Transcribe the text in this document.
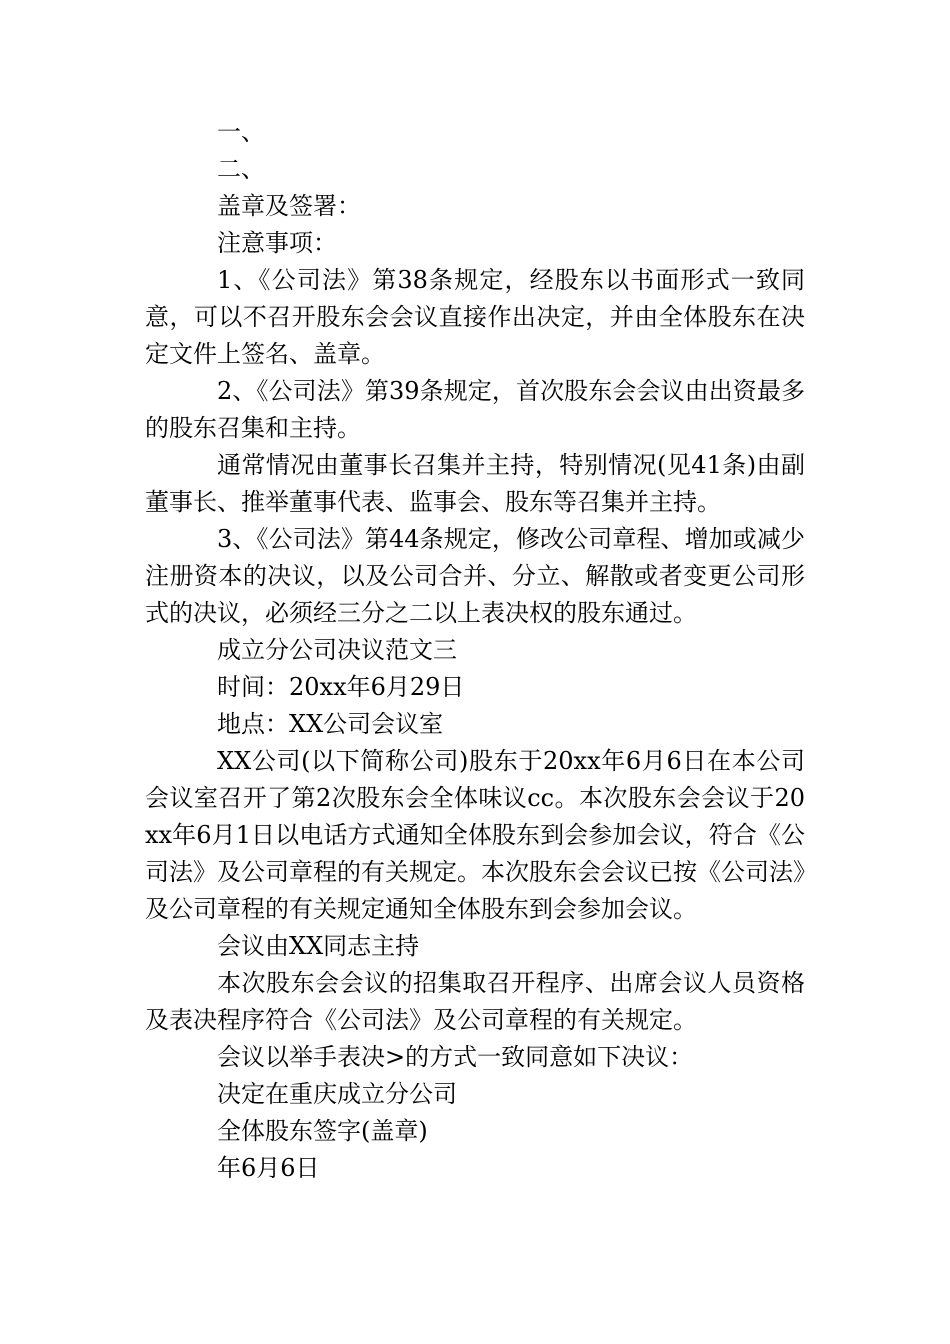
一、

二、

盖章及签署：

注意事项：

1、《公司法》第38条规定，经股东以书面形式一致同意，可以不召开股东会会议直接作出决定，并由全体股东在决定文件上签名、盖章。

2、《公司法》第39条规定，首次股东会会议由出资最多的股东召集和主持。

通常情况由董事长召集并主持，特别情况(见41条)由副董事长、推举董事代表、监事会、股东等召集并主持。

3、《公司法》第44条规定，修改公司章程、增加或减少注册资本的决议，以及公司合并、分立、解散或者变更公司形式的决议，必须经三分之二以上表决权的股东通过。

成立分公司决议范文三

时间：20xx年6月29日

地点：XX公司会议室

XX公司(以下简称公司)股东于20xx年6月6日在本公司会议室召开了第2次股东会全体味议cc。本次股东会会议于20xx年6月1日以电话方式通知全体股东到会参加会议，符合《公司法》及公司章程的有关规定。本次股东会会议已按《公司法》及公司章程的有关规定通知全体股东到会参加会议。

会议由XX同志主持

本次股东会会议的招集取召开程序、出席会议人员资格及表决程序符合《公司法》及公司章程的有关规定。

会议以举手表决>的方式一致同意如下决议：

决定在重庆成立分公司

全体股东签字(盖章)

年6月6日
